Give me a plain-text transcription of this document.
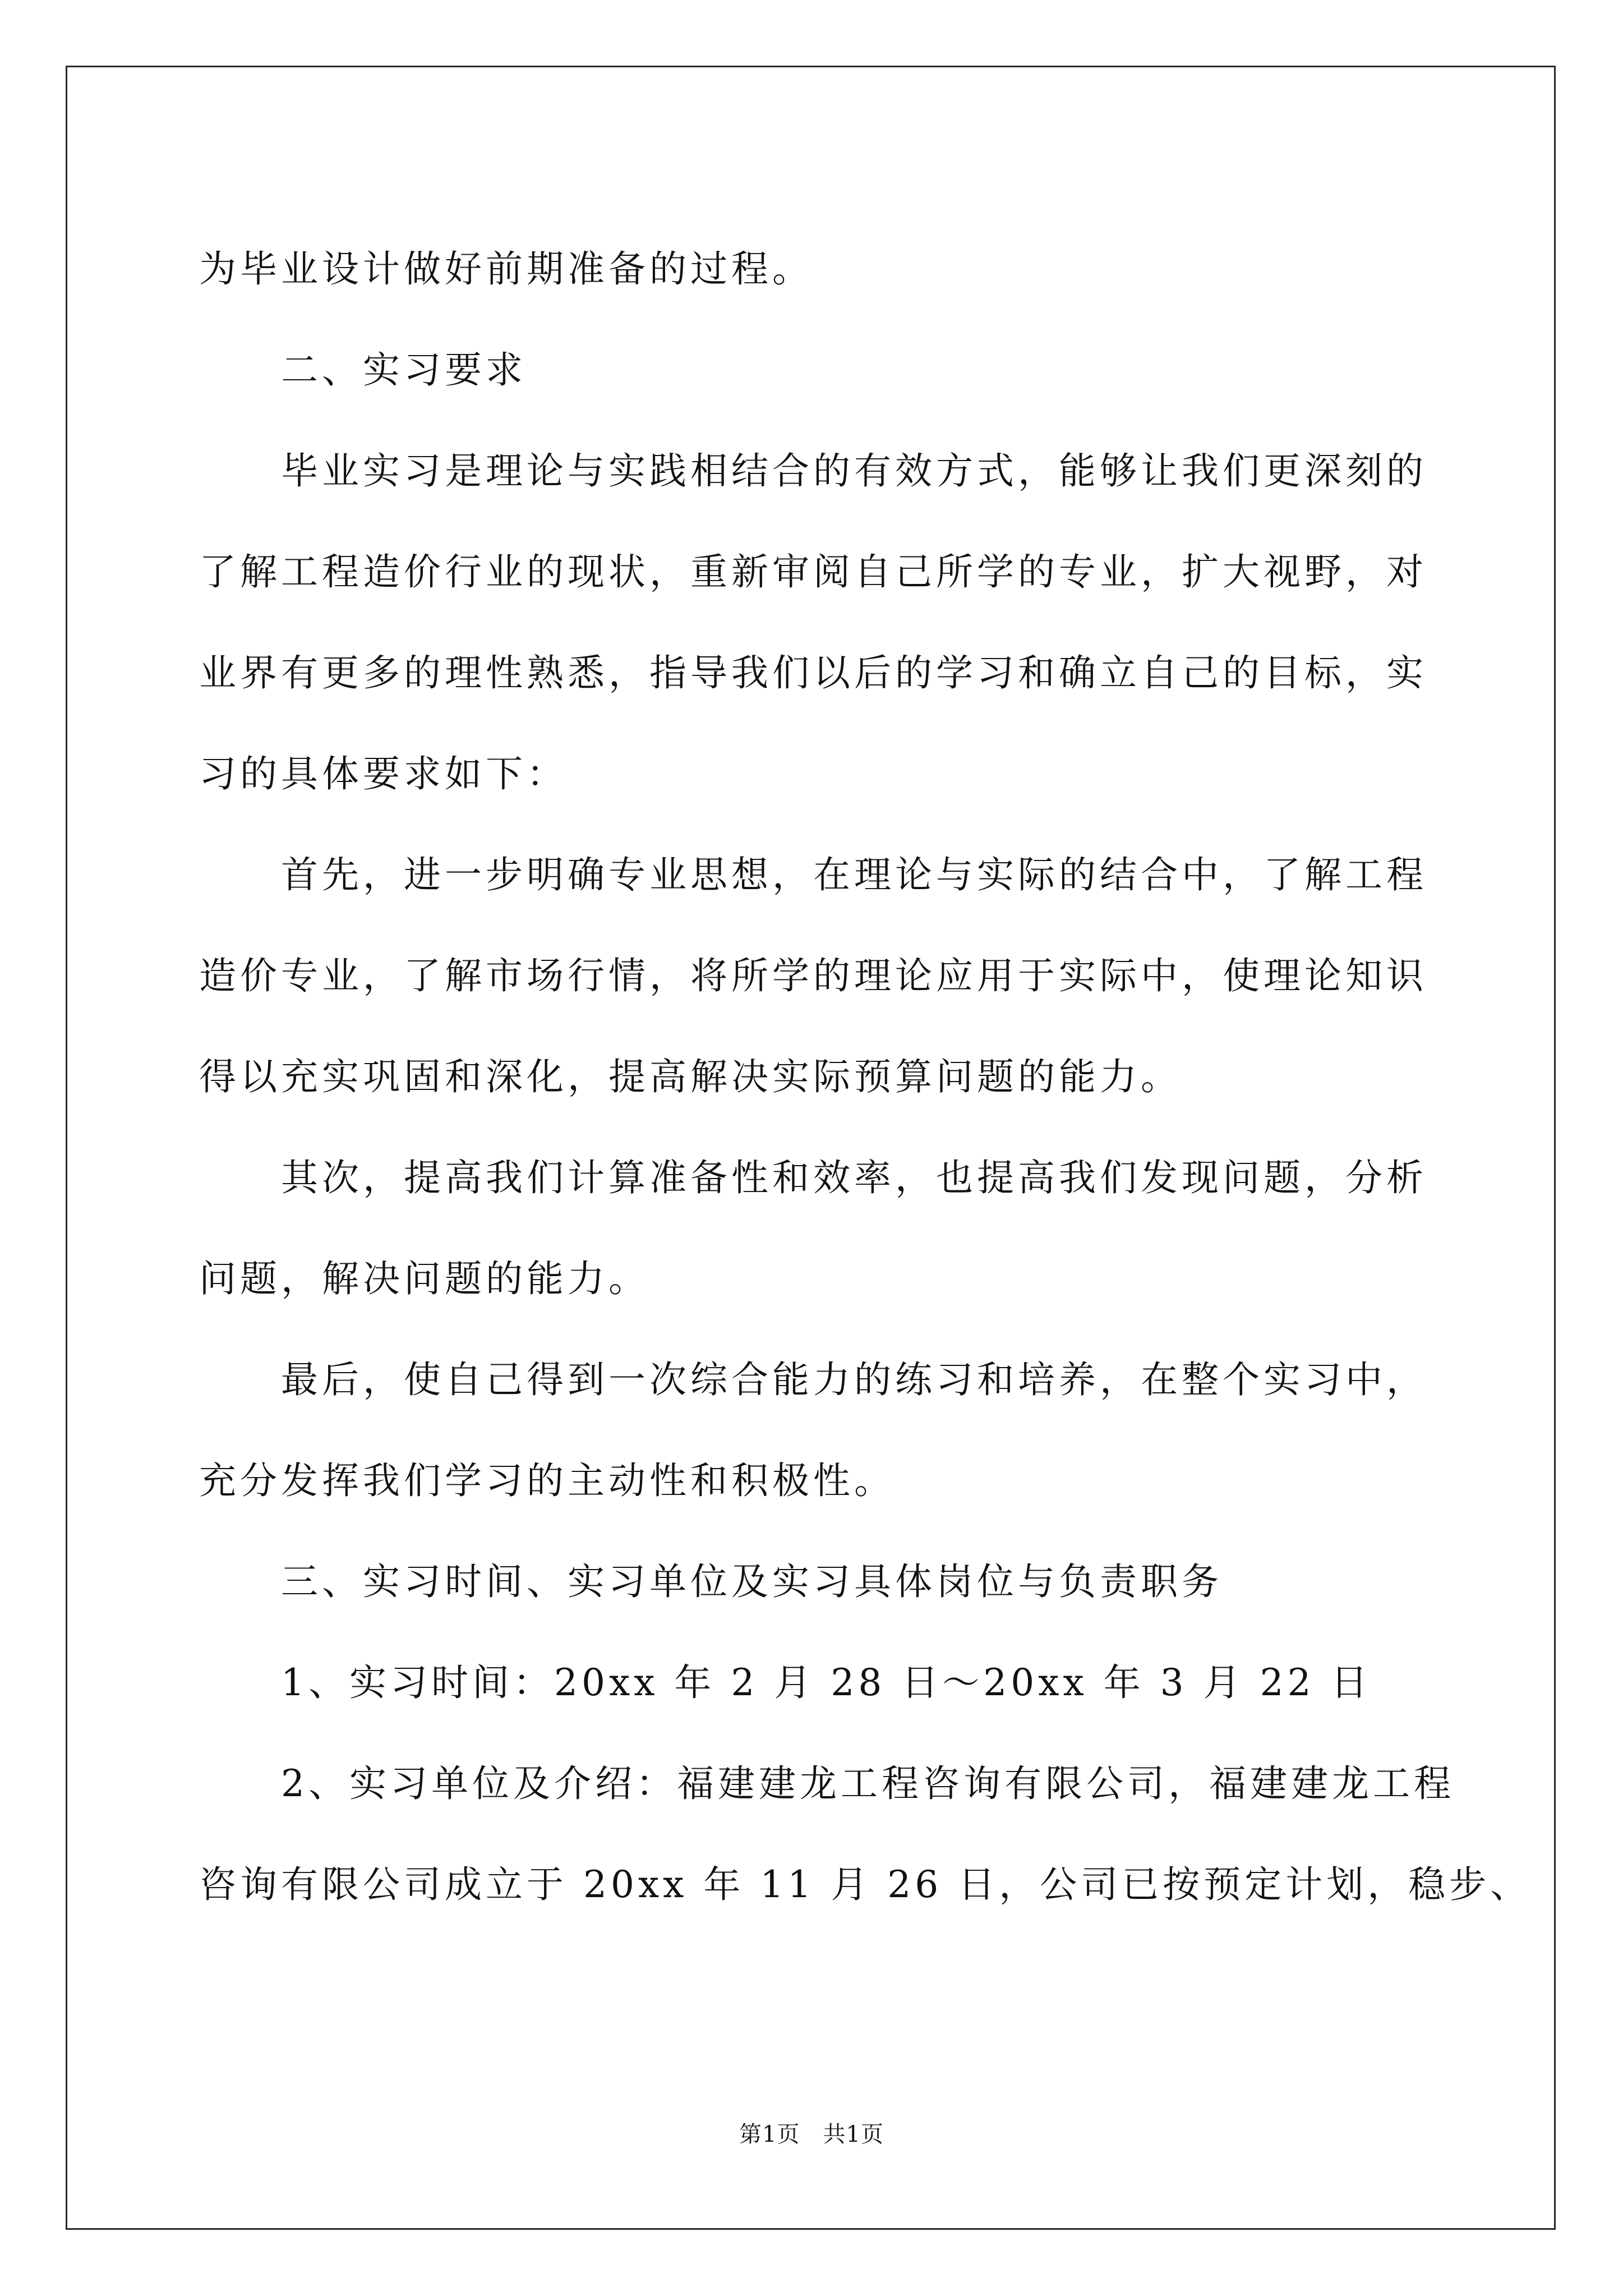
为毕业设计做好前期准备的过程。
二、实习要求
毕业实习是理论与实践相结合的有效方式，能够让我们更深刻的
了解工程造价行业的现状，重新审阅自己所学的专业，扩大视野，对
业界有更多的理性熟悉，指导我们以后的学习和确立自己的目标，实
习的具体要求如下：
首先，进一步明确专业思想，在理论与实际的结合中，了解工程
造价专业，了解市场行情，将所学的理论应用于实际中，使理论知识
得以充实巩固和深化，提高解决实际预算问题的能力。
其次，提高我们计算准备性和效率，也提高我们发现问题，分析
问题，解决问题的能力。
最后，使自己得到一次综合能力的练习和培养，在整个实习中，
充分发挥我们学习的主动性和积极性。
三、实习时间、实习单位及实习具体岗位与负责职务
1、实习时间：20xx 年 2 月 28 日～20xx 年 3 月 22 日
2、实习单位及介绍：福建建龙工程咨询有限公司，福建建龙工程
咨询有限公司成立于 20xx 年 11 月 26 日，公司已按预定计划，稳步、
第1页　共1页
